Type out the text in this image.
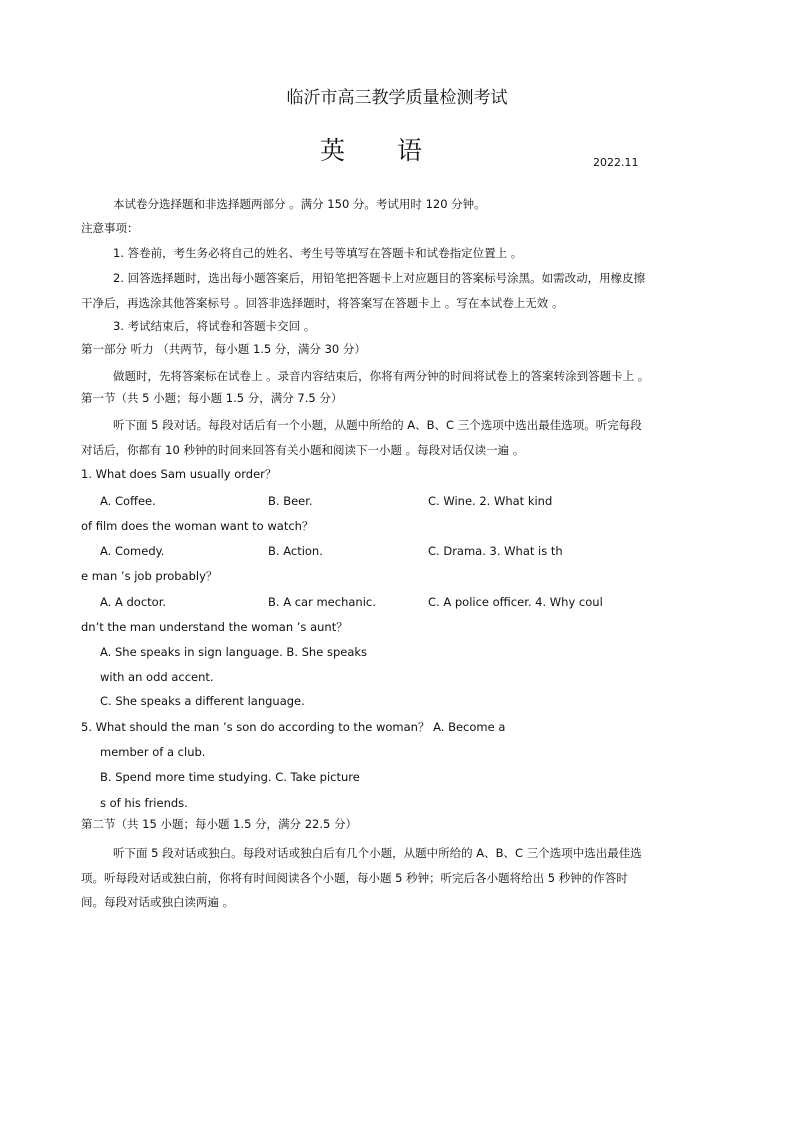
临沂市高三教学质量检测考试
英 语	2022.11
本试卷分选择题和非选择题两部分 。满分 150 分。考试用时 120 分钟。
注意事项：
1. 答卷前，考生务必将自己的姓名、考生号等填写在答题卡和试卷指定位置上 。
2. 回答选择题时，选出每小题答案后，用铅笔把答题卡上对应题目的答案标号涂黑。如需改动，用橡皮擦
干净后，再选涂其他答案标号 。回答非选择题时，将答案写在答题卡上 。写在本试卷上无效 。
3. 考试结束后，将试卷和答题卡交回 。
第一部分 听力 （共两节，每小题 1.5 分，满分 30 分）
做题时，先将答案标在试卷上 。录音内容结束后，你将有两分钟的时间将试卷上的答案转涂到答题卡上 。
第一节（共 5 小题；每小题 1.5 分，满分 7.5 分）
听下面 5 段对话。每段对话后有一个小题，从题中所给的 A、B、C 三个选项中选出最佳选项。听完每段
对话后，你都有 10 秒钟的时间来回答有关小题和阅读下一小题 。每段对话仅读一遍 。
1. What does Sam usually order？
A. Coffee.	B. Beer.	C. Wine. 2. What kind
of film does the woman want to watch？
A. Comedy.	B. Action.	C. Drama. 3. What is th
e man ’s job probably？
A. A doctor.	B. A car mechanic.	C. A police officer. 4. Why coul
dn’t the man understand the woman ’s aunt？
A. She speaks in sign language. B. She speaks
with an odd accent.
C. She speaks a different language.
5. What should the man ’s son do according to the woman？ A. Become a
member of a club.
B. Spend more time studying. C. Take picture
s of his friends.
第二节（共 15 小题；每小题 1.5 分，满分 22.5 分）
听下面 5 段对话或独白。每段对话或独白后有几个小题，从题中所给的 A、B、C 三个选项中选出最佳选
项。听每段对话或独白前，你将有时间阅读各个小题，每小题 5 秒钟；听完后各小题将给出 5 秒钟的作答时
间。每段对话或独白读两遍 。
